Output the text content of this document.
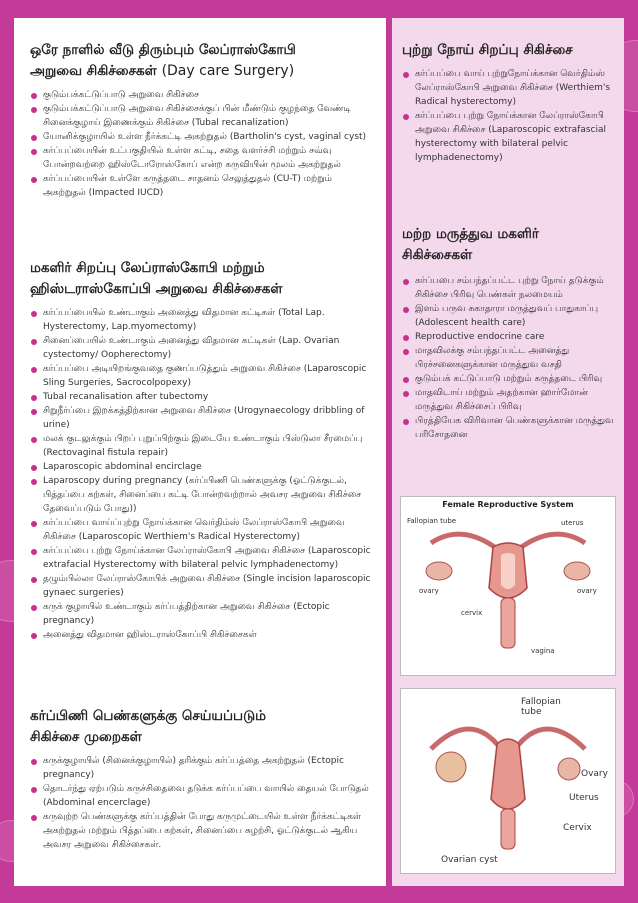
ஒரே நாளில் வீடு திரும்பும் லேப்ராஸ்கோபி
அறுவை சிகிச்சைகள் (Day care Surgery)
குடும்பக்கட்டுப்பாடு அறுவை சிகிச்சை
குடும்பக்கட்டுப்பாடு அறுவை சிகிச்சைக்குப் பின் மீண்டும் குழந்தை வேண்டி சினைக்குழாய் இணைக்கும் சிகிச்சை (Tubal recanalization)
யோனிக்குழாயில் உள்ள நீர்க்கட்டி அகற்றுதல் (Bartholin's cyst, vaginal cyst)
கர்ப்பப்பையின் உட்பகுதியில் உள்ள கட்டி, சதை வளர்ச்சி மற்றும் சவ்வு போன்றவற்றை ஹிஸ்டோரோஸ்கோப் என்ற கருவியின் மூலம் அகற்றுதல்
கர்ப்பப்பையின் உள்ளே கருத்தடை சாதனம் செலுத்துதல் (CU-T) மற்றும் அகற்றுதல் (Impacted IUCD)
மகளிர் சிறப்பு லேப்ராஸ்கோபி மற்றும்
ஹிஸ்டராஸ்கோப்பி அறுவை சிகிச்சைகள்
கர்ப்பப்பையில் உண்டாகும் அனைத்து விதமான கட்டிகள் (Total Lap. Hysterectomy, Lap.myomectomy)
சினைப்பையில் உண்டாகும் அனைத்து விதமான கட்டிகள் (Lap. Ovarian cystectomy/ Oopherectomy)
கர்ப்பப்பை அடியிறங்குவதை குணப்படுத்தும் அறுவை சிகிச்சை (Laparoscopic Sling Surgeries, Sacrocolpopexy)
Tubal recanalisation after tubectomy
சிறுநீர்ப்பை இறக்கத்திற்கான அறுவை சிகிச்சை (Urogynaecology dribbling of urine)
மலக் குடலுக்கும் பிறப் புறுப்பிற்கும் இடையே உண்டாகும் பிஸ்டுலா சீரமைப்பு (Rectovaginal fistula repair)
Laparoscopic abdominal encirclage
Laparoscopy during pregnancy (கர்ப்பிணி பெண்களுக்கு (ஓட்டுக்குடல், பித்தப்பை கற்கள், சினைப்பை கட்டி போன்றவற்றால் அவசர அறுவை சிகிச்சை தேவைப்படும் போது))
கர்ப்பப்பை வாய்ப்புற்று நோய்க்கான வெர்திம்ஸ் லேப்ராஸ்கோபி அறுவை சிகிச்சை (Laparoscopic Werthiem's Radical Hysterectomy)
கர்ப்பப்பை புற்று நோய்க்கான லேப்ராஸ்கோபி அறுவை சிகிச்சை (Laparoscopic extrafacial Hysterectomy with bilateral pelvic lymphadenectomy)
தழும்பில்லா லேப்ராஸ்கோபிக் அறுவை சிகிச்சை (Single incision laparoscopic gynaec surgeries)
கருக் குழாயில் உண்டாகும் கர்ப்பத்திற்கான அறுவை சிகிச்சை (Ectopic pregnancy)
அனைத்து விதமான ஹிஸ்டராஸ்கோப்பி சிகிச்சைகள்
கர்ப்பிணி பெண்களுக்கு செய்யப்படும்
சிகிச்சை முறைகள்
கருக்குழாயில் (சினைக்குழாயில்) தரிக்கும் கர்ப்பத்தை அகற்றுதல் (Ectopic pregnancy)
தொடர்ந்து ஏற்படும் கருச்சிதைவை தடுக்க கர்ப்பப்பை வாயில் தையல் போடுதல் (Abdominal encerclage)
கருவுற்ற பெண்களுக்கு கர்ப்பத்தின் போது கருமுட்டையில் உள்ள நீர்க்கட்டிகள் அகற்றுதல் மற்றும் பித்தப்பை கற்கள், சினைப்பை சுழற்சி, ஓட்டுக்குடல் ஆகிய அவசர அறுவை சிகிச்சைகள்.
புற்று நோய் சிறப்பு சிகிச்சை
கர்ப்பப்பை வாய் புற்றுநோய்க்கான வெர்திம்ஸ் லேப்ராஸ்கோபி அறுவை சிகிச்சை (Werthiem's Radical hysterectomy)
கர்ப்பப்பை புற்று நோய்க்கான லேப்ராஸ்கோபி அறுவை சிகிச்சை (Laparoscopic extrafascial hysterectomy with bilateral pelvic lymphadenectomy)
மற்ற மருத்துவ மகளிர்
சிகிச்சைகள்
கர்ப்பபை சம்பந்தப்பட்ட புற்று நோய் தடுக்கும் சிகிச்சை பிரிவு பெண்கள் நலமையம்
இளம் பருவ சுகாதாரா மருத்துவப் பாதுகாப்பு (Adolescent health care)
Reproductive endocrine care
மாதவிலக்கு சம்பந்தப்பட்ட அனைத்து பிரச்சனைகளுக்கான மருத்துவ வசதி
குடும்பக் கட்டுப்பாடு மற்றும் கருத்தடை பிரிவு
மாதவிடாய் மற்றும் அதற்கான ஹார்மோன் மருத்துவ சிகிச்சைப் பிரிவு
பிரத்தியேக விரிவான பெண்களுக்கான மருத்துவ பரிசோதனை
Female Reproductive System
Fallopian tube	uterus
ovary	ovary
cervix
vagina
Fallopian tube
Ovary
Uterus
Cervix
Ovarian cyst
